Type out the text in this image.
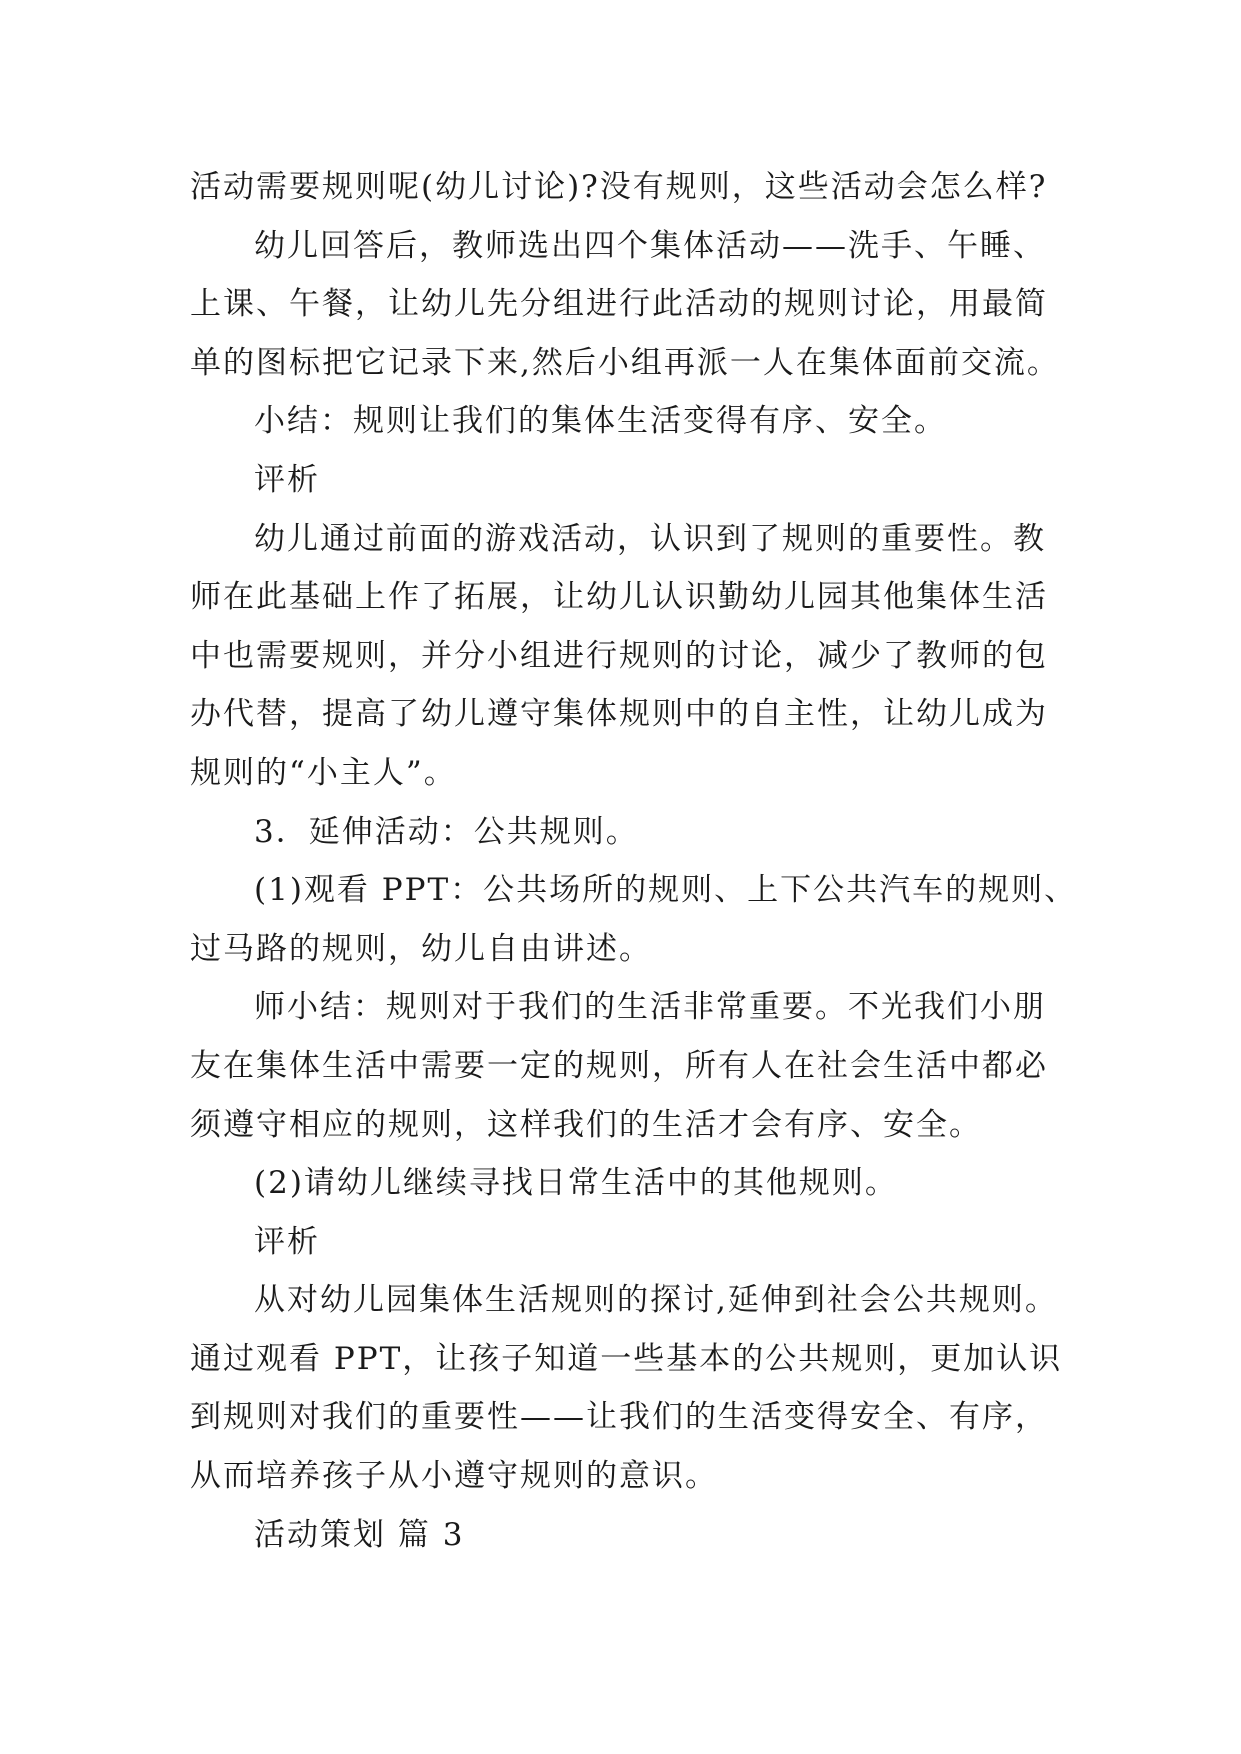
活动需要规则呢(幼儿讨论)?没有规则，这些活动会怎么样?
幼儿回答后，教师选出四个集体活动——洗手、午睡、
上课、午餐，让幼儿先分组进行此活动的规则讨论，用最简
单的图标把它记录下来,然后小组再派一人在集体面前交流。
小结：规则让我们的集体生活变得有序、安全。
评析
幼儿通过前面的游戏活动，认识到了规则的重要性。教
师在此基础上作了拓展，让幼儿认识勤幼儿园其他集体生活
中也需要规则，并分小组进行规则的讨论，减少了教师的包
办代替，提高了幼儿遵守集体规则中的自主性，让幼儿成为
规则的“小主人”。
3．延伸活动：公共规则。
(1)观看 PPT：公共场所的规则、上下公共汽车的规则、
过马路的规则，幼儿自由讲述。
师小结：规则对于我们的生活非常重要。不光我们小朋
友在集体生活中需要一定的规则，所有人在社会生活中都必
须遵守相应的规则，这样我们的生活才会有序、安全。
(2)请幼儿继续寻找日常生活中的其他规则。
评析
从对幼儿园集体生活规则的探讨,延伸到社会公共规则。
通过观看 PPT，让孩子知道一些基本的公共规则，更加认识
到规则对我们的重要性——让我们的生活变得安全、有序，
从而培养孩子从小遵守规则的意识。
活动策划 篇 3
